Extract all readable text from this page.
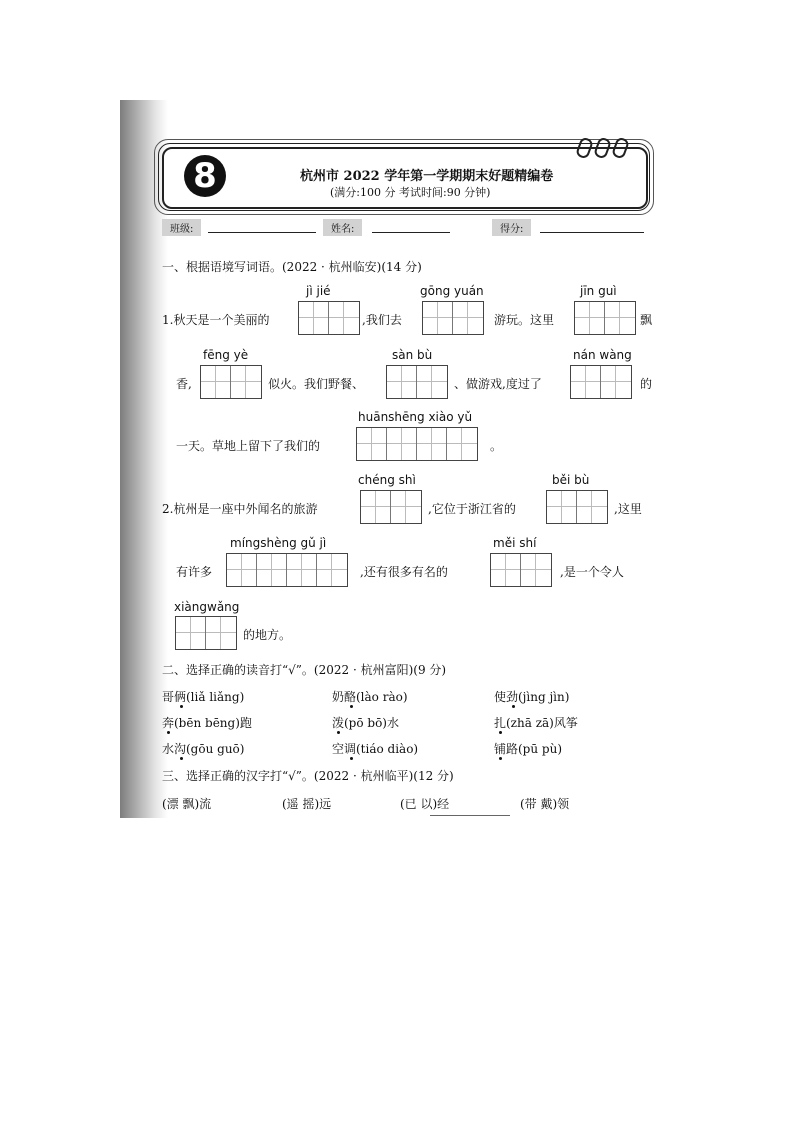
8	杭州市 2022 学年第一学期期末好题精编卷
(满分:100 分 考试时间:90 分钟)
班级:	姓名:	得分:
一、根据语境写词语。(2022 · 杭州临安)(14 分)
jì jié	gōng yuán	jīn guì
1.秋天是一个美丽的	,我们去	游玩。这里	飘
fēng yè	sàn bù	nán wàng
香,	似火。我们野餐、	、做游戏,度过了	的
huānshēng xiào yǔ
一天。草地上留下了我们的	。
chéng shì	běi bù
2.杭州是一座中外闻名的旅游	,它位于浙江省的	,这里
míngshèng gǔ jì	měi shí
有许多	,还有很多有名的	,是一个令人
xiàngwǎng
的地方。
二、选择正确的读音打“√”。(2022 · 杭州富阳)(9 分)
哥俩(liǎ liǎng)	奶酪(lào rào)	使劲(jìng jìn)
奔(bēn bēng)跑	泼(pō bō)水	扎(zhā zā)风筝
水沟(gōu guō)	空调(tiáo diào)	铺路(pū pù)
三、选择正确的汉字打“√”。(2022 · 杭州临平)(12 分)
(漂 飘)流	(遥 摇)远	(已 以)经	(带 戴)领
